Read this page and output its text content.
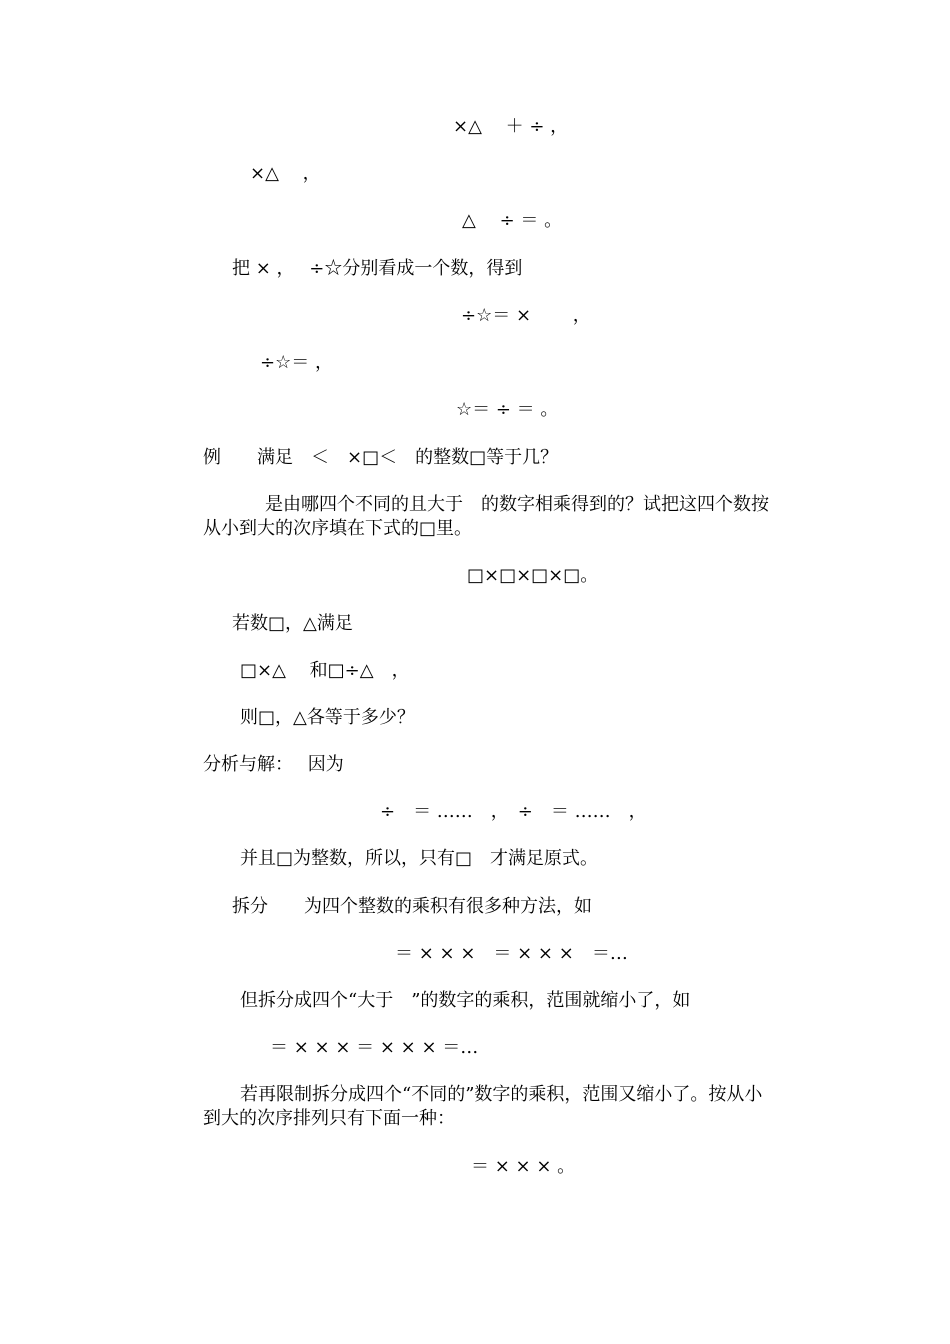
×△　 ＋ ÷ ，
×△　 ，
△　 ÷ ＝ 。
把 × ，　 ÷☆分别看成一个数，得到
÷☆＝ ×　　 ，
÷☆＝ ，
☆＝ ÷ ＝ 。
例　　满足　＜　×□＜　的整数□等于几？
是由哪四个不同的且大于　的数字相乘得到的？试把这四个数按
从小到大的次序填在下式的□里。
□×□×□×□。
若数□，△满足
□×△　 和□÷△　，
则□，△各等于多少？
分析与解：　 因为
÷　＝ ……　，　÷　＝ ……　，
并且□为整数，所以，只有□　才满足原式。
拆分　　为四个整数的乘积有很多种方法，如
＝ × × ×　＝ × × ×　＝…
但拆分成四个“大于　”的数字的乘积，范围就缩小了，如
＝ × × × ＝ × × × ＝…
若再限制拆分成四个“不同的”数字的乘积，范围又缩小了。按从小
到大的次序排列只有下面一种：
＝ × × × 。
